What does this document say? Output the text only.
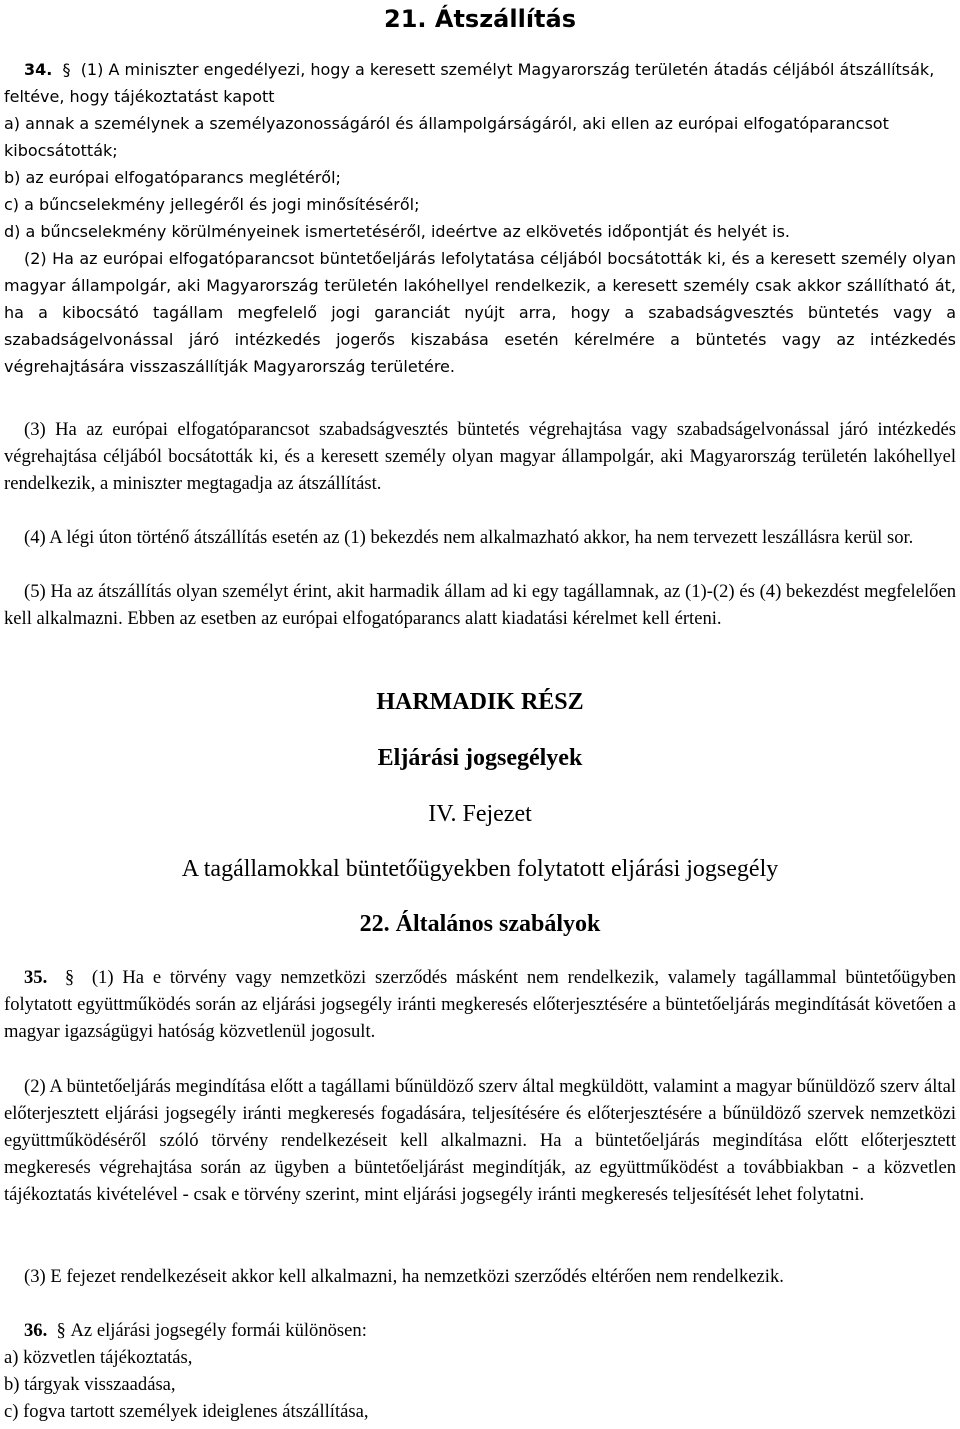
21. Átszállítás
34. § (1) A miniszter engedélyezi, hogy a keresett személyt Magyarország területén átadás céljából átszállítsák, feltéve, hogy tájékoztatást kapott
a) annak a személynek a személyazonosságáról és állampolgárságáról, aki ellen az európai elfogatóparancsot kibocsátották;
b) az európai elfogatóparancs meglétéről;
c) a bűncselekmény jellegéről és jogi minősítéséről;
d) a bűncselekmény körülményeinek ismertetéséről, ideértve az elkövetés időpontját és helyét is.
(2) Ha az európai elfogatóparancsot büntetőeljárás lefolytatása céljából bocsátották ki, és a keresett személy olyan magyar állampolgár, aki Magyarország területén lakóhellyel rendelkezik, a keresett személy csak akkor szállítható át, ha a kibocsátó tagállam megfelelő jogi garanciát nyújt arra, hogy a szabadságvesztés büntetés vagy a szabadságelvonással járó intézkedés jogerős kiszabása esetén kérelmére a büntetés vagy az intézkedés végrehajtására visszaszállítják Magyarország területére.
(3) Ha az európai elfogatóparancsot szabadságvesztés büntetés végrehajtása vagy szabadságelvonással járó intézkedés végrehajtása céljából bocsátották ki, és a keresett személy olyan magyar állampolgár, aki Magyarország területén lakóhellyel rendelkezik, a miniszter megtagadja az átszállítást.
(4) A légi úton történő átszállítás esetén az (1) bekezdés nem alkalmazható akkor, ha nem tervezett leszállásra kerül sor.
(5) Ha az átszállítás olyan személyt érint, akit harmadik állam ad ki egy tagállamnak, az (1)-(2) és (4) bekezdést megfelelően kell alkalmazni. Ebben az esetben az európai elfogatóparancs alatt kiadatási kérelmet kell érteni.
HARMADIK RÉSZ
Eljárási jogsegélyek
IV. Fejezet
A tagállamokkal büntetőügyekben folytatott eljárási jogsegély
22. Általános szabályok
35. § (1) Ha e törvény vagy nemzetközi szerződés másként nem rendelkezik, valamely tagállammal büntetőügyben folytatott együttműködés során az eljárási jogsegély iránti megkeresés előterjesztésére a büntetőeljárás megindítását követően a magyar igazságügyi hatóság közvetlenül jogosult.
(2) A büntetőeljárás megindítása előtt a tagállami bűnüldöző szerv által megküldött, valamint a magyar bűnüldöző szerv által előterjesztett eljárási jogsegély iránti megkeresés fogadására, teljesítésére és előterjesztésére a bűnüldöző szervek nemzetközi együttműködéséről szóló törvény rendelkezéseit kell alkalmazni. Ha a büntetőeljárás megindítása előtt előterjesztett megkeresés végrehajtása során az ügyben a büntetőeljárást megindítják, az együttműködést a továbbiakban - a közvetlen tájékoztatás kivételével - csak e törvény szerint, mint eljárási jogsegély iránti megkeresés teljesítését lehet folytatni.
(3) E fejezet rendelkezéseit akkor kell alkalmazni, ha nemzetközi szerződés eltérően nem rendelkezik.
36. § Az eljárási jogsegély formái különösen:
a) közvetlen tájékoztatás,
b) tárgyak visszaadása,
c) fogva tartott személyek ideiglenes átszállítása,
